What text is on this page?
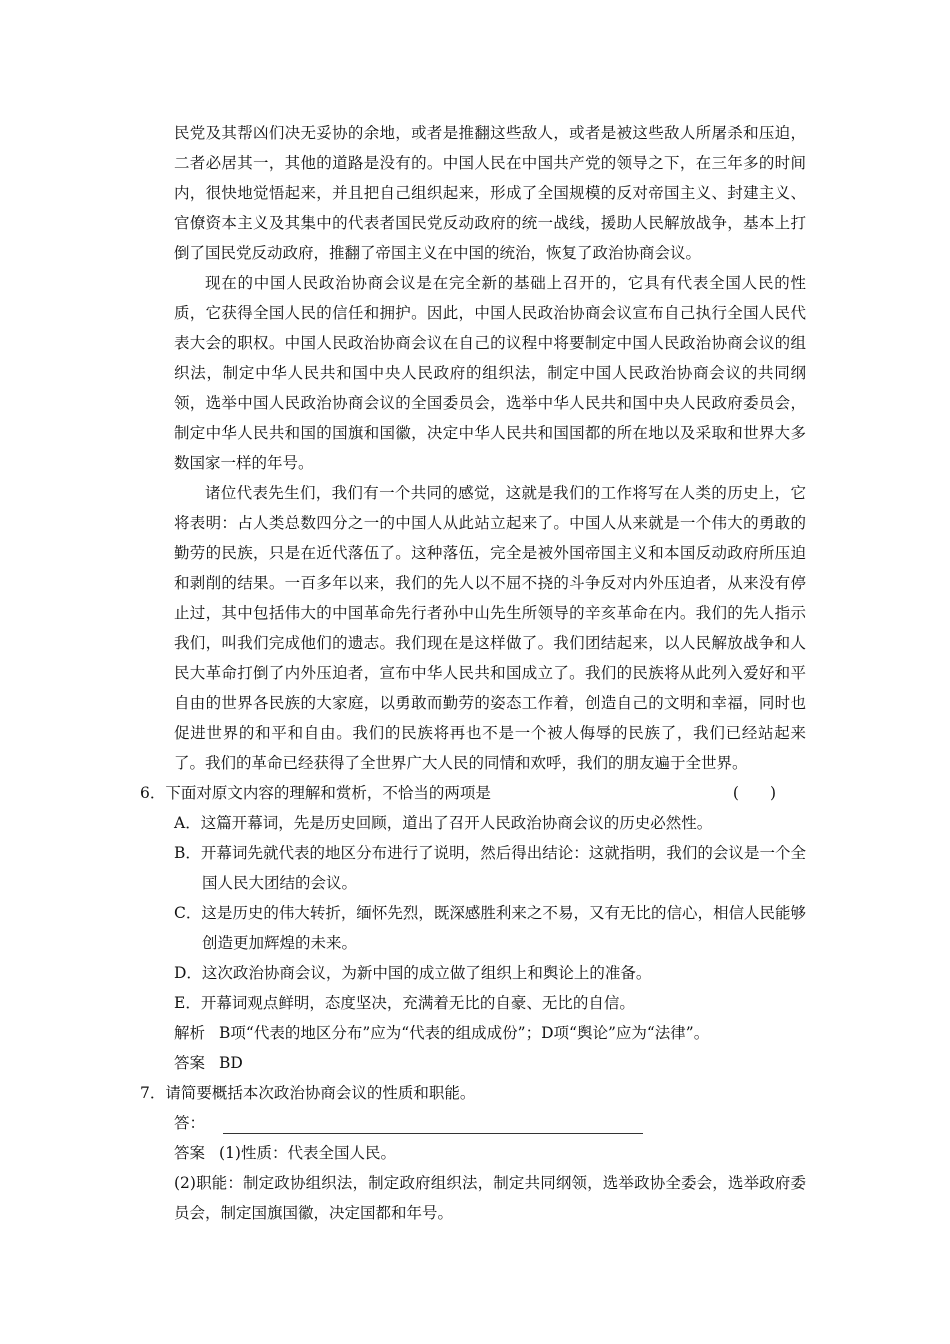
民党及其帮凶们决无妥协的余地，或者是推翻这些敌人，或者是被这些敌人所屠杀和压迫，二者必居其一，其他的道路是没有的。中国人民在中国共产党的领导之下，在三年多的时间内，很快地觉悟起来，并且把自己组织起来，形成了全国规模的反对帝国主义、封建主义、官僚资本主义及其集中的代表者国民党反动政府的统一战线，援助人民解放战争，基本上打倒了国民党反动政府，推翻了帝国主义在中国的统治，恢复了政治协商会议。

现在的中国人民政治协商会议是在完全新的基础上召开的，它具有代表全国人民的性质，它获得全国人民的信任和拥护。因此，中国人民政治协商会议宣布自己执行全国人民代表大会的职权。中国人民政治协商会议在自己的议程中将要制定中国人民政治协商会议的组织法，制定中华人民共和国中央人民政府的组织法，制定中国人民政治协商会议的共同纲领，选举中国人民政治协商会议的全国委员会，选举中华人民共和国中央人民政府委员会，制定中华人民共和国的国旗和国徽，决定中华人民共和国国都的所在地以及采取和世界大多数国家一样的年号。

诸位代表先生们，我们有一个共同的感觉，这就是我们的工作将写在人类的历史上，它将表明：占人类总数四分之一的中国人从此站立起来了。中国人从来就是一个伟大的勇敢的勤劳的民族，只是在近代落伍了。这种落伍，完全是被外国帝国主义和本国反动政府所压迫和剥削的结果。一百多年以来，我们的先人以不屈不挠的斗争反对内外压迫者，从来没有停止过，其中包括伟大的中国革命先行者孙中山先生所领导的辛亥革命在内。我们的先人指示我们，叫我们完成他们的遗志。我们现在是这样做了。我们团结起来，以人民解放战争和人民大革命打倒了内外压迫者，宣布中华人民共和国成立了。我们的民族将从此列入爱好和平自由的世界各民族的大家庭，以勇敢而勤劳的姿态工作着，创造自己的文明和幸福，同时也促进世界的和平和自由。我们的民族将再也不是一个被人侮辱的民族了，我们已经站起来了。我们的革命已经获得了全世界广大人民的同情和欢呼，我们的朋友遍于全世界。

6．下面对原文内容的理解和赏析，不恰当的两项是	(　　)
A．这篇开幕词，先是历史回顾，道出了召开人民政治协商会议的历史必然性。
B．开幕词先就代表的地区分布进行了说明，然后得出结论：这就指明，我们的会议是一个全国人民大团结的会议。
C．这是历史的伟大转折，缅怀先烈，既深感胜利来之不易，又有无比的信心，相信人民能够创造更加辉煌的未来。
D．这次政治协商会议，为新中国的成立做了组织上和舆论上的准备。
E．开幕词观点鲜明，态度坚决，充满着无比的自豪、无比的自信。
解析 B项“代表的地区分布”应为“代表的组成成份”；D项“舆论”应为“法律”。
答案 BD
7．请简要概括本次政治协商会议的性质和职能。
答：
答案 (1)性质：代表全国人民。

(2)职能：制定政协组织法，制定政府组织法，制定共同纲领，选举政协全委会，选举政府委员会，制定国旗国徽，决定国都和年号。
